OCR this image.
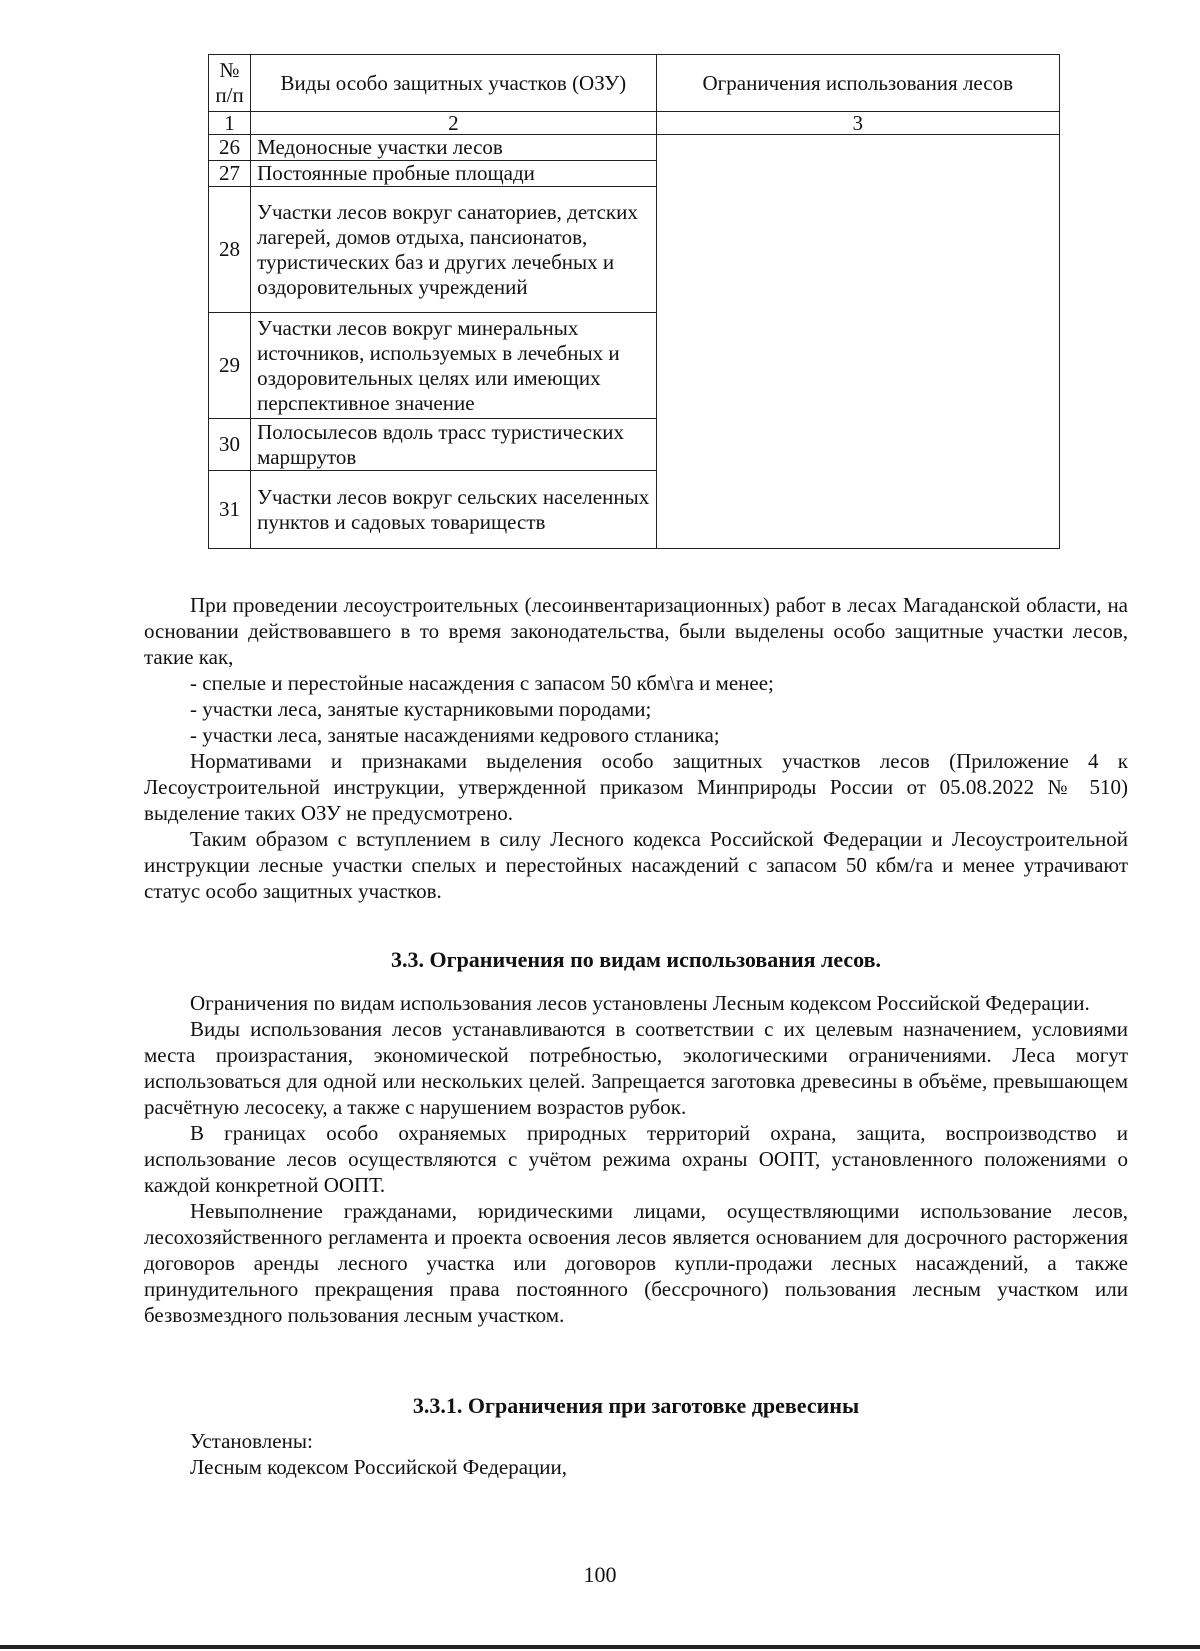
№ п/п	Виды особо защитных участков (ОЗУ)	Ограничения использования лесов
1	2	3
26	Медоносные участки лесов	
27	Постоянные пробные площади	
28	Участки лесов вокруг санаториев, детских лагерей, домов отдыха, пансионатов, туристических баз и других лечебных и оздоровительных учреждений	
29	Участки лесов вокруг минеральных источников, используемых в лечебных и оздоровительных целях или имеющих перспективное значение	
30	Полосылесов вдоль трасс туристических маршрутов	
31	Участки лесов вокруг сельских населенных пунктов и садовых товариществ	

При проведении лесоустроительных (лесоинвентаризационных) работ в лесах Магаданской области, на основании действовавшего в то время законодательства, были выделены особо защитные участки лесов, такие как,

- спелые и перестойные насаждения с запасом 50 кбм\га и менее;

- участки леса, занятые кустарниковыми породами;

- участки леса, занятые насаждениями кедрового стланика;

Нормативами и признаками выделения особо защитных участков лесов (Приложение 4 к Лесоустроительной инструкции, утвержденной приказом Минприроды России от 05.08.2022 № 510) выделение таких ОЗУ не предусмотрено.

Таким образом с вступлением в силу Лесного кодекса Российской Федерации и Лесоустроительной инструкции лесные участки спелых и перестойных насаждений с запасом 50 кбм/га и менее утрачивают статус особо защитных участков.

3.3. Ограничения по видам использования лесов.

Ограничения по видам использования лесов установлены Лесным кодексом Российской Федерации.

Виды использования лесов устанавливаются в соответствии с их целевым назначением, условиями места произрастания, экономической потребностью, экологическими ограничениями. Леса могут использоваться для одной или нескольких целей. Запрещается заготовка древесины в объёме, превышающем расчётную лесосеку, а также с нарушением возрастов рубок.

В границах особо охраняемых природных территорий охрана, защита, воспроизводство и использование лесов осуществляются с учётом режима охраны ООПТ, установленного положениями о каждой конкретной ООПТ.

Невыполнение гражданами, юридическими лицами, осуществляющими использование лесов, лесохозяйственного регламента и проекта освоения лесов является основанием для досрочного расторжения договоров аренды лесного участка или договоров купли-продажи лесных насаждений, а также принудительного прекращения права постоянного (бессрочного) пользования лесным участком или безвозмездного пользования лесным участком.

3.3.1. Ограничения при заготовке древесины

Установлены:

Лесным кодексом Российской Федерации,

100
